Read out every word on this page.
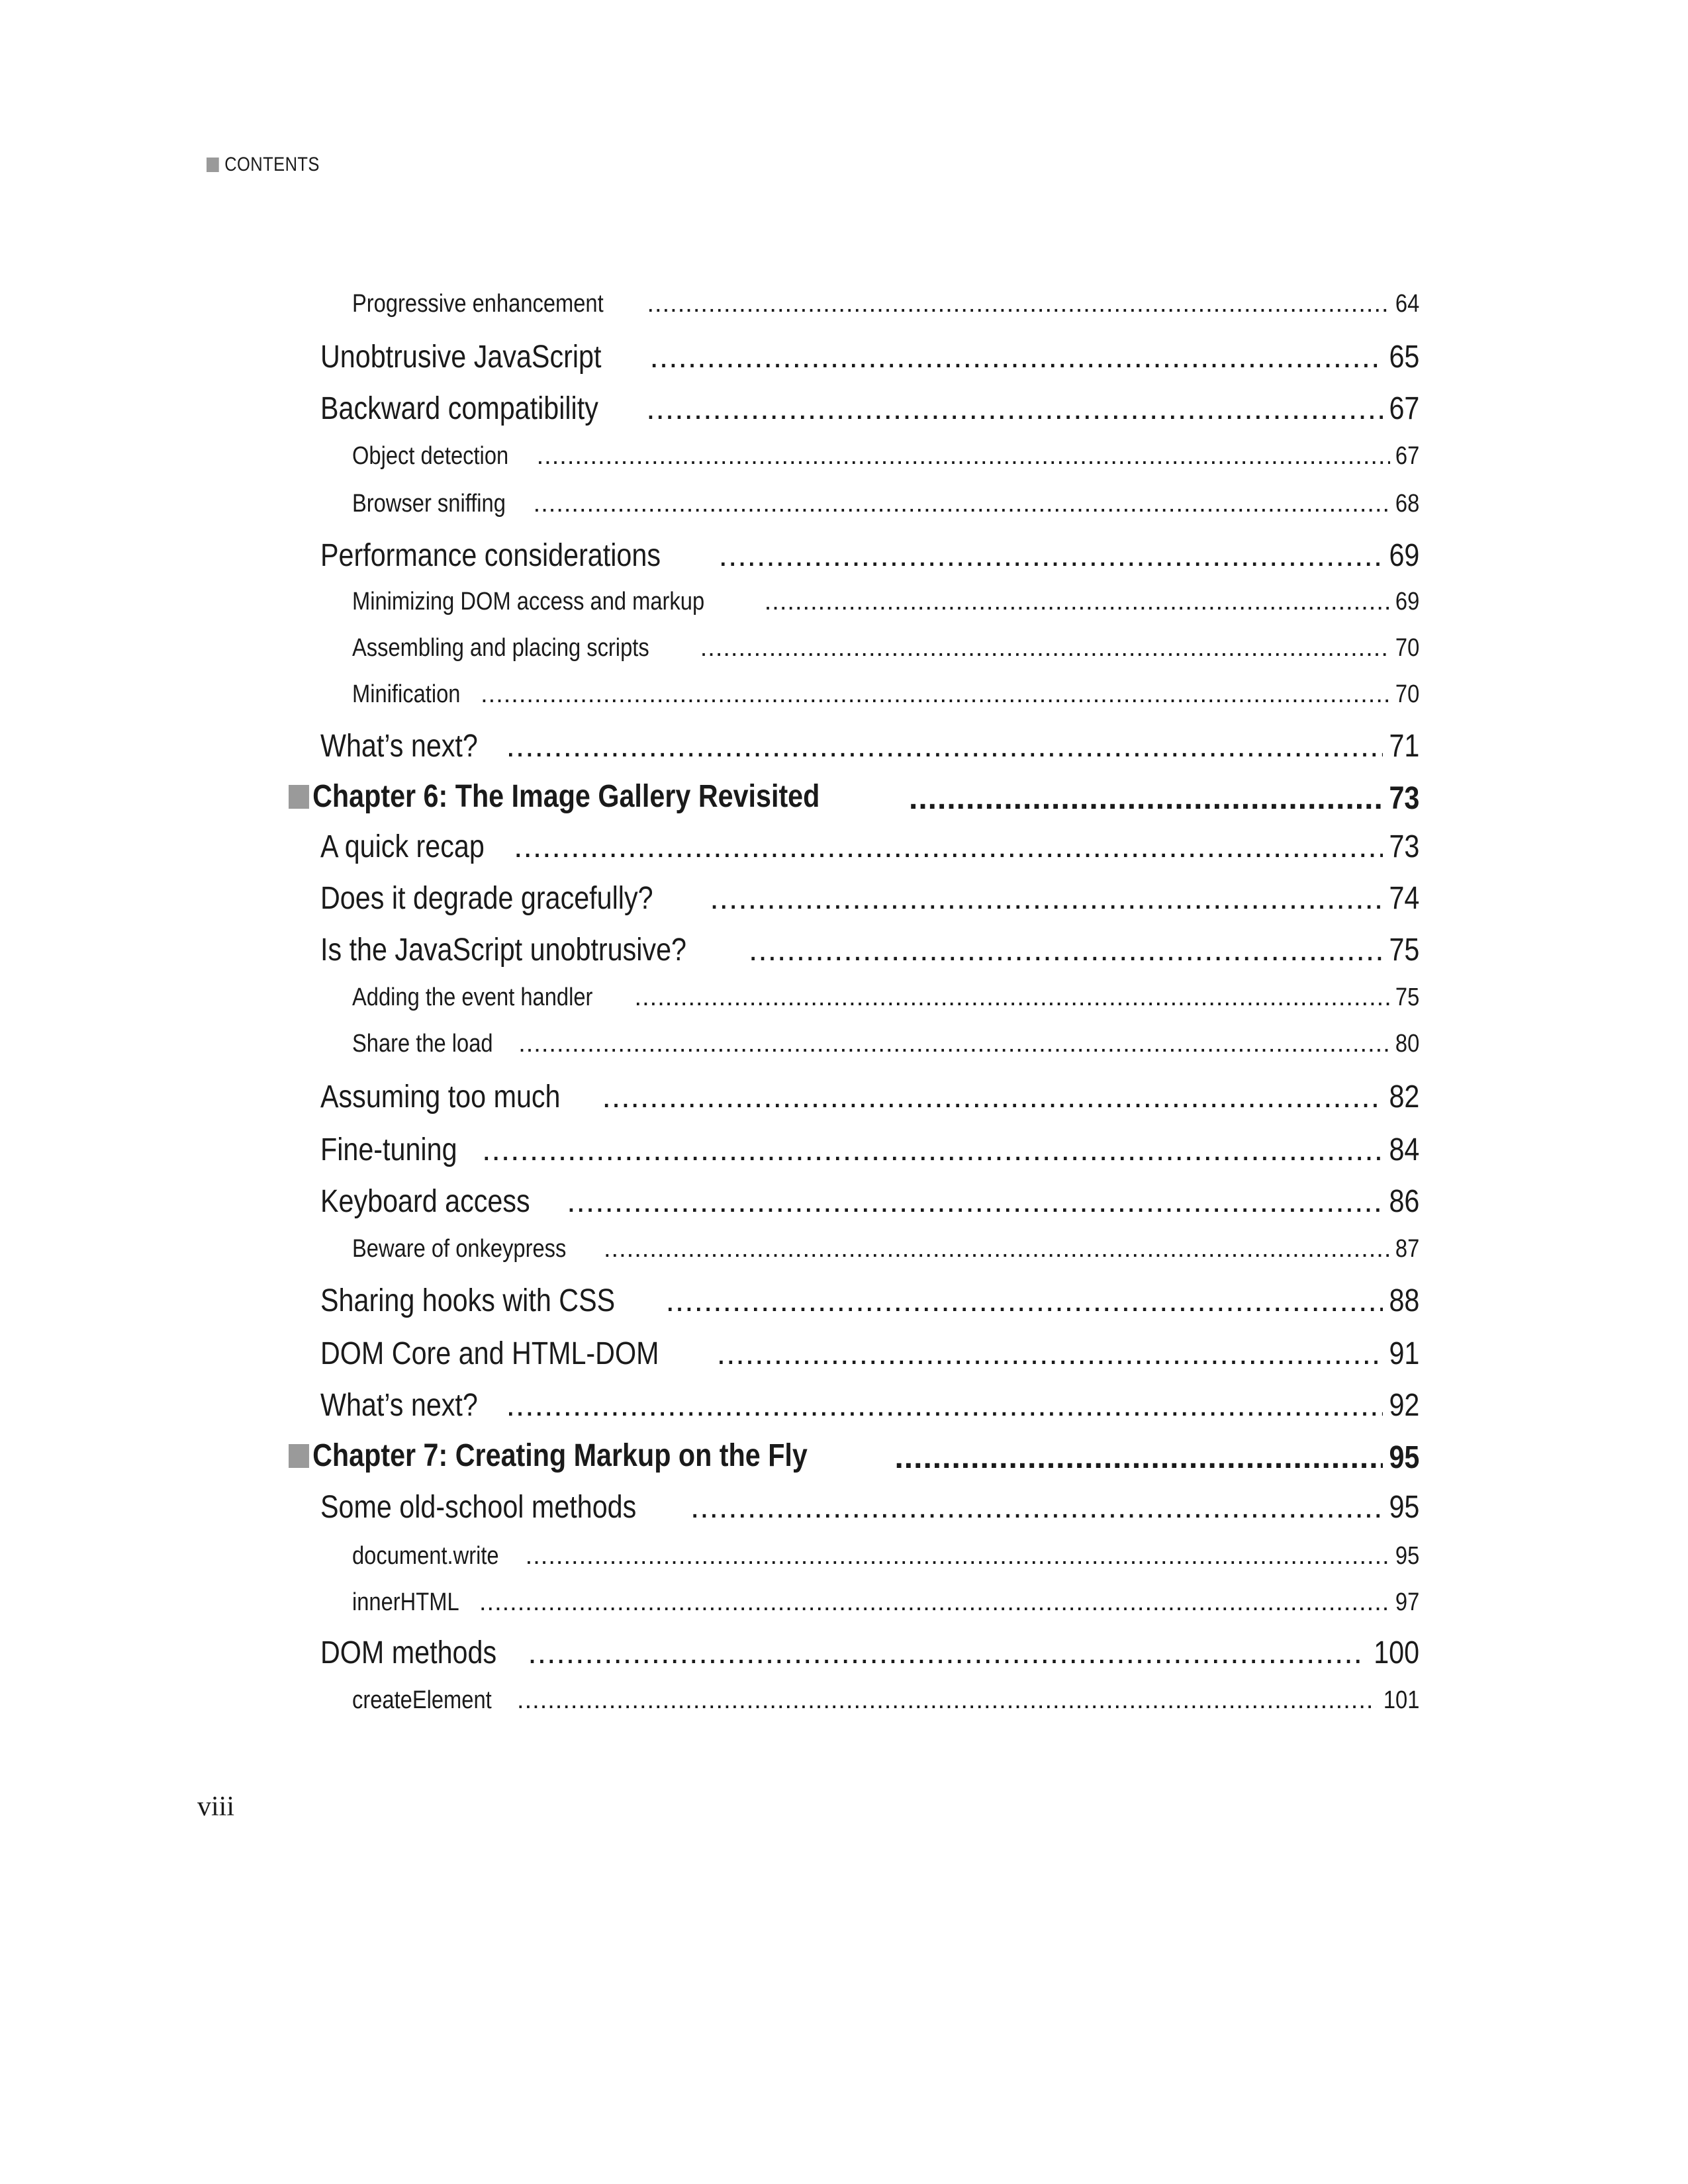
CONTENTS
Progressive enhancement .....	64
Unobtrusive JavaScript .....	65
Backward compatibility .....	67
Object detection .....	67
Browser sniffing .....	68
Performance considerations .....	69
Minimizing DOM access and markup .....	69
Assembling and placing scripts .....	70
Minification .....	70
What’s next? .....	71
Chapter 6: The Image Gallery Revisited .....	73
A quick recap .....	73
Does it degrade gracefully? .....	74
Is the JavaScript unobtrusive? .....	75
Adding the event handler .....	75
Share the load .....	80
Assuming too much .....	82
Fine-tuning .....	84
Keyboard access .....	86
Beware of onkeypress .....	87
Sharing hooks with CSS .....	88
DOM Core and HTML-DOM .....	91
What’s next? .....	92
Chapter 7: Creating Markup on the Fly .....	95
Some old-school methods .....	95
document.write .....	95
innerHTML .....	97
DOM methods .....	100
createElement .....	101
viii
